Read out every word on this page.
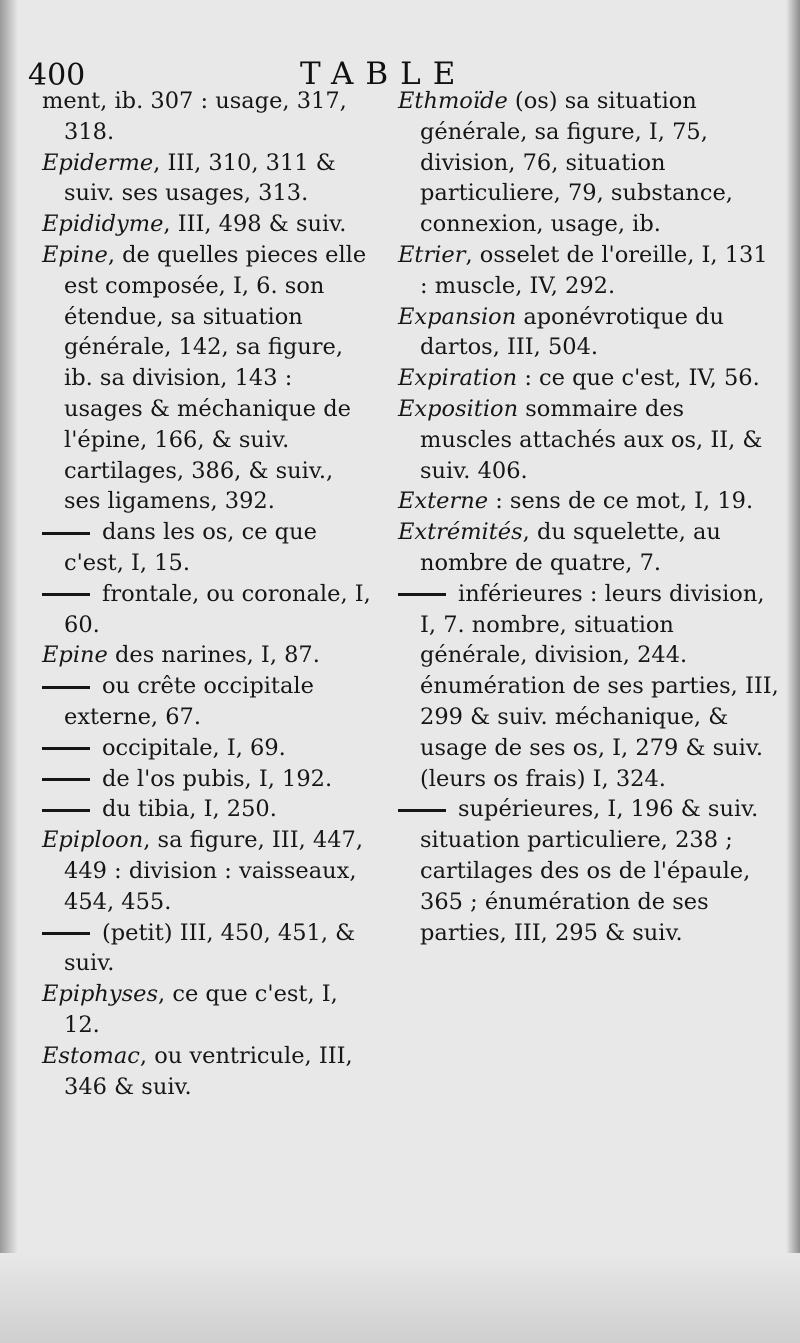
400	TABLE
ment, ib. 307 : usage, 317, 318.
Epiderme, III, 310, 311 & suiv. ses usages, 313.
Epididyme, III, 498 & suiv.
Epine, de quelles pieces elle est composée, I, 6. son étendue, sa situation générale, 142, sa figure, ib. sa division, 143 : usages & méchanique de l'épine, 166, & suiv. cartilages, 386, & suiv., ses ligamens, 392.
dans les os, ce que c'est, I, 15.
frontale, ou coronale, I, 60.
Epine des narines, I, 87.
ou crête occipitale externe, 67.
occipitale, I, 69.
de l'os pubis, I, 192.
du tibia, I, 250.
Epiploon, sa figure, III, 447, 449 : division : vaisseaux, 454, 455.
(petit) III, 450, 451, & suiv.
Epiphyses, ce que c'est, I, 12.
Estomac, ou ventricule, III, 346 & suiv.
Ethmoïde (os) sa situation générale, sa figure, I, 75, division, 76, situation particuliere, 79, substance, connexion, usage, ib.
Etrier, osselet de l'oreille, I, 131 : muscle, IV, 292.
Expansion aponévrotique du dartos, III, 504.
Expiration : ce que c'est, IV, 56.
Exposition sommaire des muscles attachés aux os, II, & suiv. 406.
Externe : sens de ce mot, I, 19.
Extrémités, du squelette, au nombre de quatre, 7.
inférieures : leurs division, I, 7. nombre, situation générale, division, 244. énumération de ses parties, III, 299 & suiv. méchanique, & usage de ses os, I, 279 & suiv. (leurs os frais) I, 324.
supérieures, I, 196 & suiv. situation particuliere, 238 ; cartilages des os de l'épaule, 365 ; énumération de ses parties, III, 295 & suiv.
